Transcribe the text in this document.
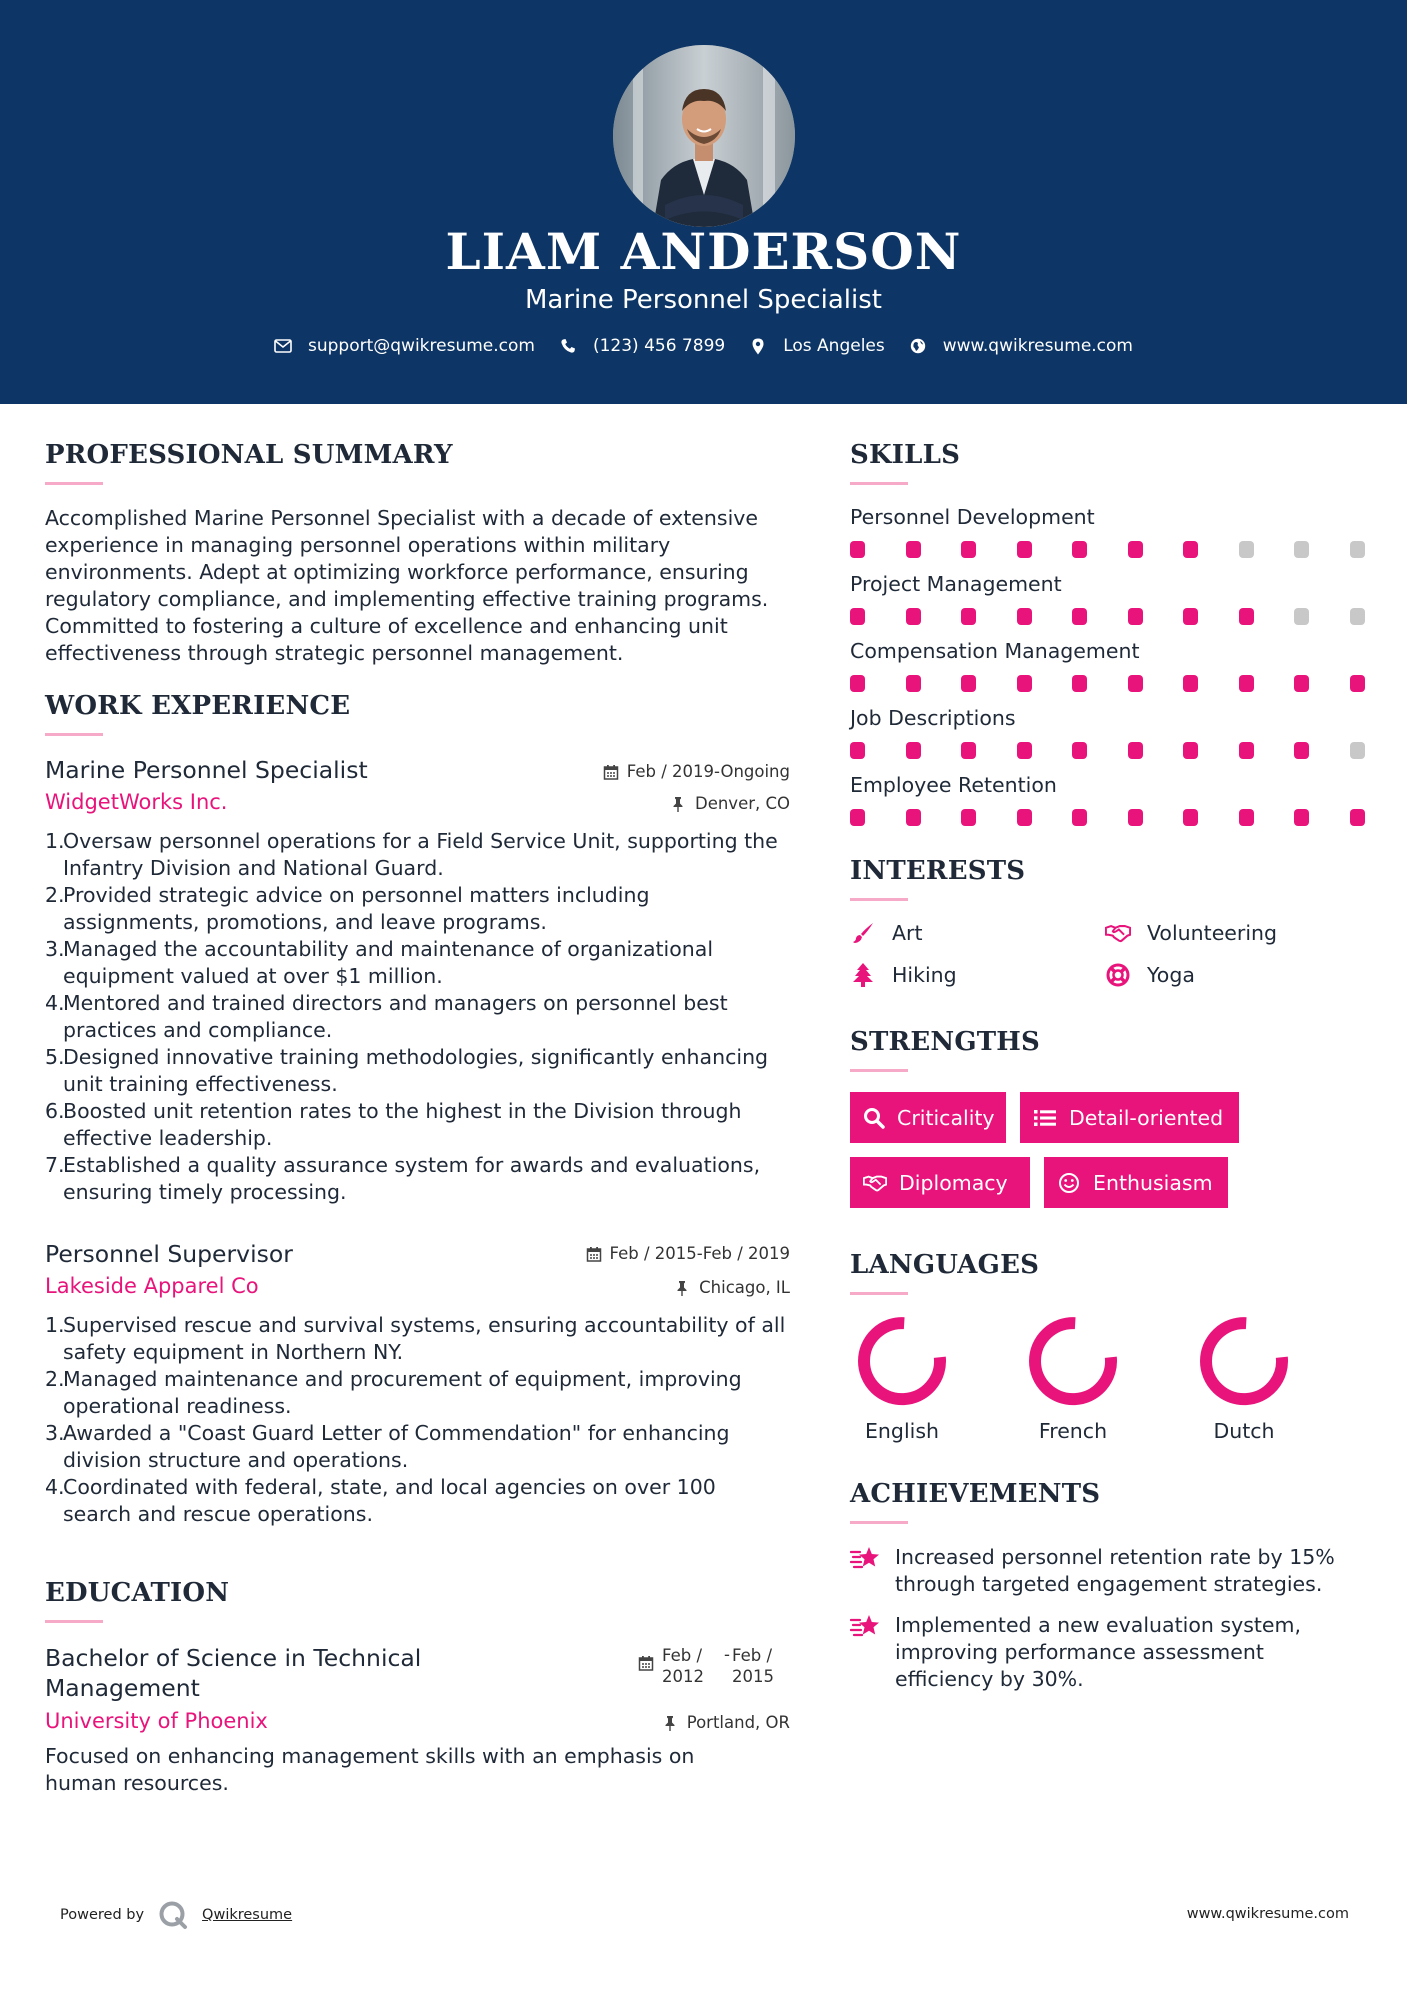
LIAM ANDERSON
Marine Personnel Specialist
support@qwikresume.com	(123) 456 7899	Los Angeles	www.qwikresume.com
PROFESSIONAL SUMMARY
Accomplished Marine Personnel Specialist with a decade of extensive experience in managing personnel operations within military environments. Adept at optimizing workforce performance, ensuring regulatory compliance, and implementing effective training programs. Committed to fostering a culture of excellence and enhancing unit effectiveness through strategic personnel management.
WORK EXPERIENCE
Marine Personnel Specialist	Feb / 2019-Ongoing
WidgetWorks Inc.	Denver, CO
1.
Oversaw personnel operations for a Field Service Unit, supporting the Infantry Division and National Guard.
2.
Provided strategic advice on personnel matters including assignments, promotions, and leave programs.
3.
Managed the accountability and maintenance of organizational equipment valued at over $1 million.
4.
Mentored and trained directors and managers on personnel best practices and compliance.
5.
Designed innovative training methodologies, significantly enhancing unit training effectiveness.
6.
Boosted unit retention rates to the highest in the Division through effective leadership.
7.
Established a quality assurance system for awards and evaluations, ensuring timely processing.
Personnel Supervisor	Feb / 2015-Feb / 2019
Lakeside Apparel Co	Chicago, IL
1.
Supervised rescue and survival systems, ensuring accountability of all safety equipment in Northern NY.
2.
Managed maintenance and procurement of equipment, improving operational readiness.
3.
Awarded a "Coast Guard Letter of Commendation" for enhancing division structure and operations.
4.
Coordinated with federal, state, and local agencies on over 100 search and rescue operations.
EDUCATION
Bachelor of Science in Technical Management
Feb / 2012
- Feb / 2015
University of Phoenix	Portland, OR
Focused on enhancing management skills with an emphasis on human resources.
SKILLS
Personnel Development
Project Management
Compensation Management
Job Descriptions
Employee Retention
INTERESTS
Art	Volunteering
Hiking	Yoga
STRENGTHS
Criticality	Detail-oriented
Diplomacy	Enthusiasm
LANGUAGES
English	French	Dutch
ACHIEVEMENTS
Increased personnel retention rate by 15% through targeted engagement strategies.
Implemented a new evaluation system, improving performance assessment efficiency by 30%.
Powered by	Qwikresume	www.qwikresume.com
